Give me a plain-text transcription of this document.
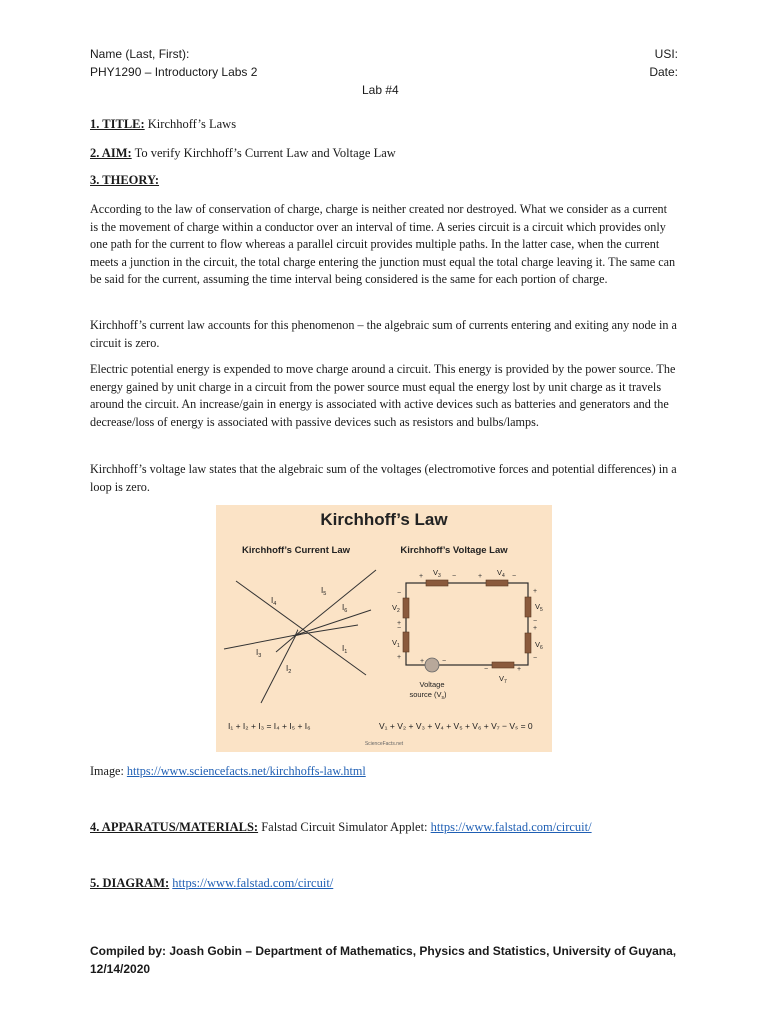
Name (Last, First):	USI:
PHY1290 – Introductory Labs 2	Date:
Lab #4
1. TITLE: Kirchhoff’s Laws
2. AIM: To verify Kirchhoff’s Current Law and Voltage Law
3. THEORY:

According to the law of conservation of charge, charge is neither created nor destroyed. What we consider as a current is the movement of charge within a conductor over an interval of time. A series circuit is a circuit which provides only one path for the current to flow whereas a parallel circuit provides multiple paths. In the latter case, when the current meets a junction in the circuit, the total charge entering the junction must equal the total charge leaving it. The same can be said for the current, assuming the time interval being considered is the same for each portion of charge.

Kirchhoff’s current law accounts for this phenomenon – the algebraic sum of currents entering and exiting any node in a circuit is zero.

Electric potential energy is expended to move charge around a circuit. This energy is provided by the power source. The energy gained by unit charge in a circuit from the power source must equal the energy lost by unit charge as it travels around the circuit. An increase/gain in energy is associated with active devices such as batteries and generators and the decrease/loss of energy is associated with passive devices such as resistors and bulbs/lamps.

Kirchhoff’s voltage law states that the algebraic sum of the voltages (electromotive forces and potential differences) in a loop is zero.

Kirchhoff’s Law
Kirchhoff’s Current Law	Kirchhoff’s Voltage Law
$I_4$
$I_5$
$I_6$
$I_3$
$I_2$
$I_1$
$V_3$	$V_4$
$V_5$
$V_6$
$V_7$
$V_2$
$V_1$
Voltage
source $(V_s)$
+	−	+	−
+
−
+
−
−	+
−
+
−
+
+	−
I₁ + I₂ + I₃ = I₄ + I₅ + I₆	V₁ + V₂ + V₃ + V₄ + V₅ + V₆ + V₇ − Vₛ = 0
ScienceFacts.net
Image: https://www.sciencefacts.net/kirchhoffs-law.html
4. APPARATUS/MATERIALS: Falstad Circuit Simulator Applet: https://www.falstad.com/circuit/
5. DIAGRAM: https://www.falstad.com/circuit/
Compiled by: Joash Gobin – Department of Mathematics, Physics and Statistics, University of Guyana, 12/14/2020
